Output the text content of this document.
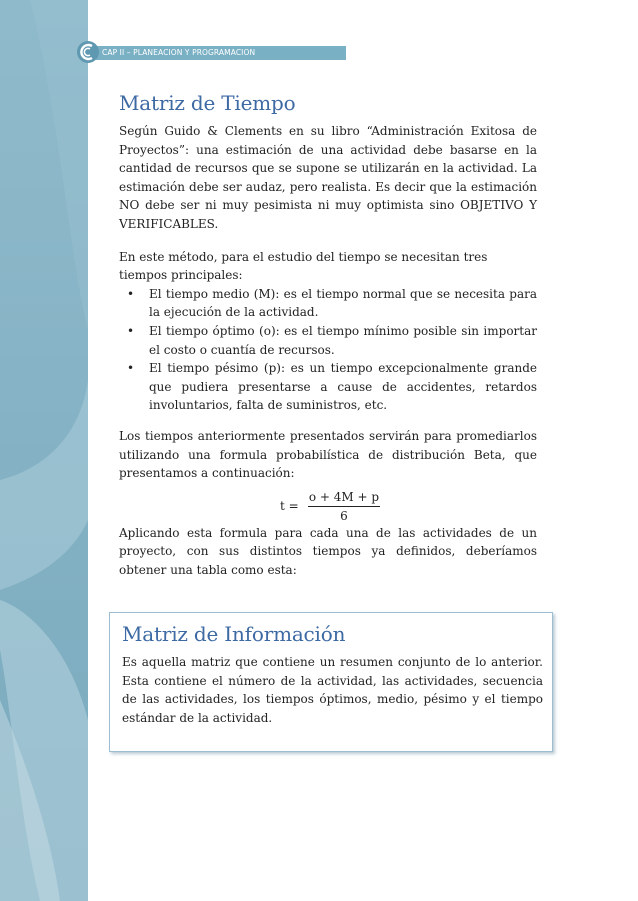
CAP II – PLANEACION Y PROGRAMACION
Matriz de Tiempo

Según Guido & Clements en su libro “Administración Exitosa de Proyectos”: una estimación de una actividad debe basarse en la cantidad de recursos que se supone se utilizarán en la actividad. La estimación debe ser audaz, pero realista. Es decir que la estimación NO debe ser ni muy pesimista ni muy optimista sino OBJETIVO Y VERIFICABLES.

En este método, para el estudio del tiempo se necesitan tres tiempos principales:

• El tiempo medio (M): es el tiempo normal que se necesita para la ejecución de la actividad.
• El tiempo óptimo (o): es el tiempo mínimo posible sin importar el costo o cuantía de recursos.
• El tiempo pésimo (p): es un tiempo excepcionalmente grande que pudiera presentarse a cause de accidentes, retardos involuntarios, falta de suministros, etc.

Los tiempos anteriormente presentados servirán para promediarlos utilizando una formula probabilística de distribución Beta, que presentamos a continuación:

$t = \frac{o + 4M + p}{6}$

Aplicando esta formula para cada una de las actividades de un proyecto, con sus distintos tiempos ya definidos, deberíamos obtener una tabla como esta:

Matriz de Información

Es aquella matriz que contiene un resumen conjunto de lo anterior. Esta contiene el número de la actividad, las actividades, secuencia de las actividades, los tiempos óptimos, medio, pésimo y el tiempo estándar de la actividad.
